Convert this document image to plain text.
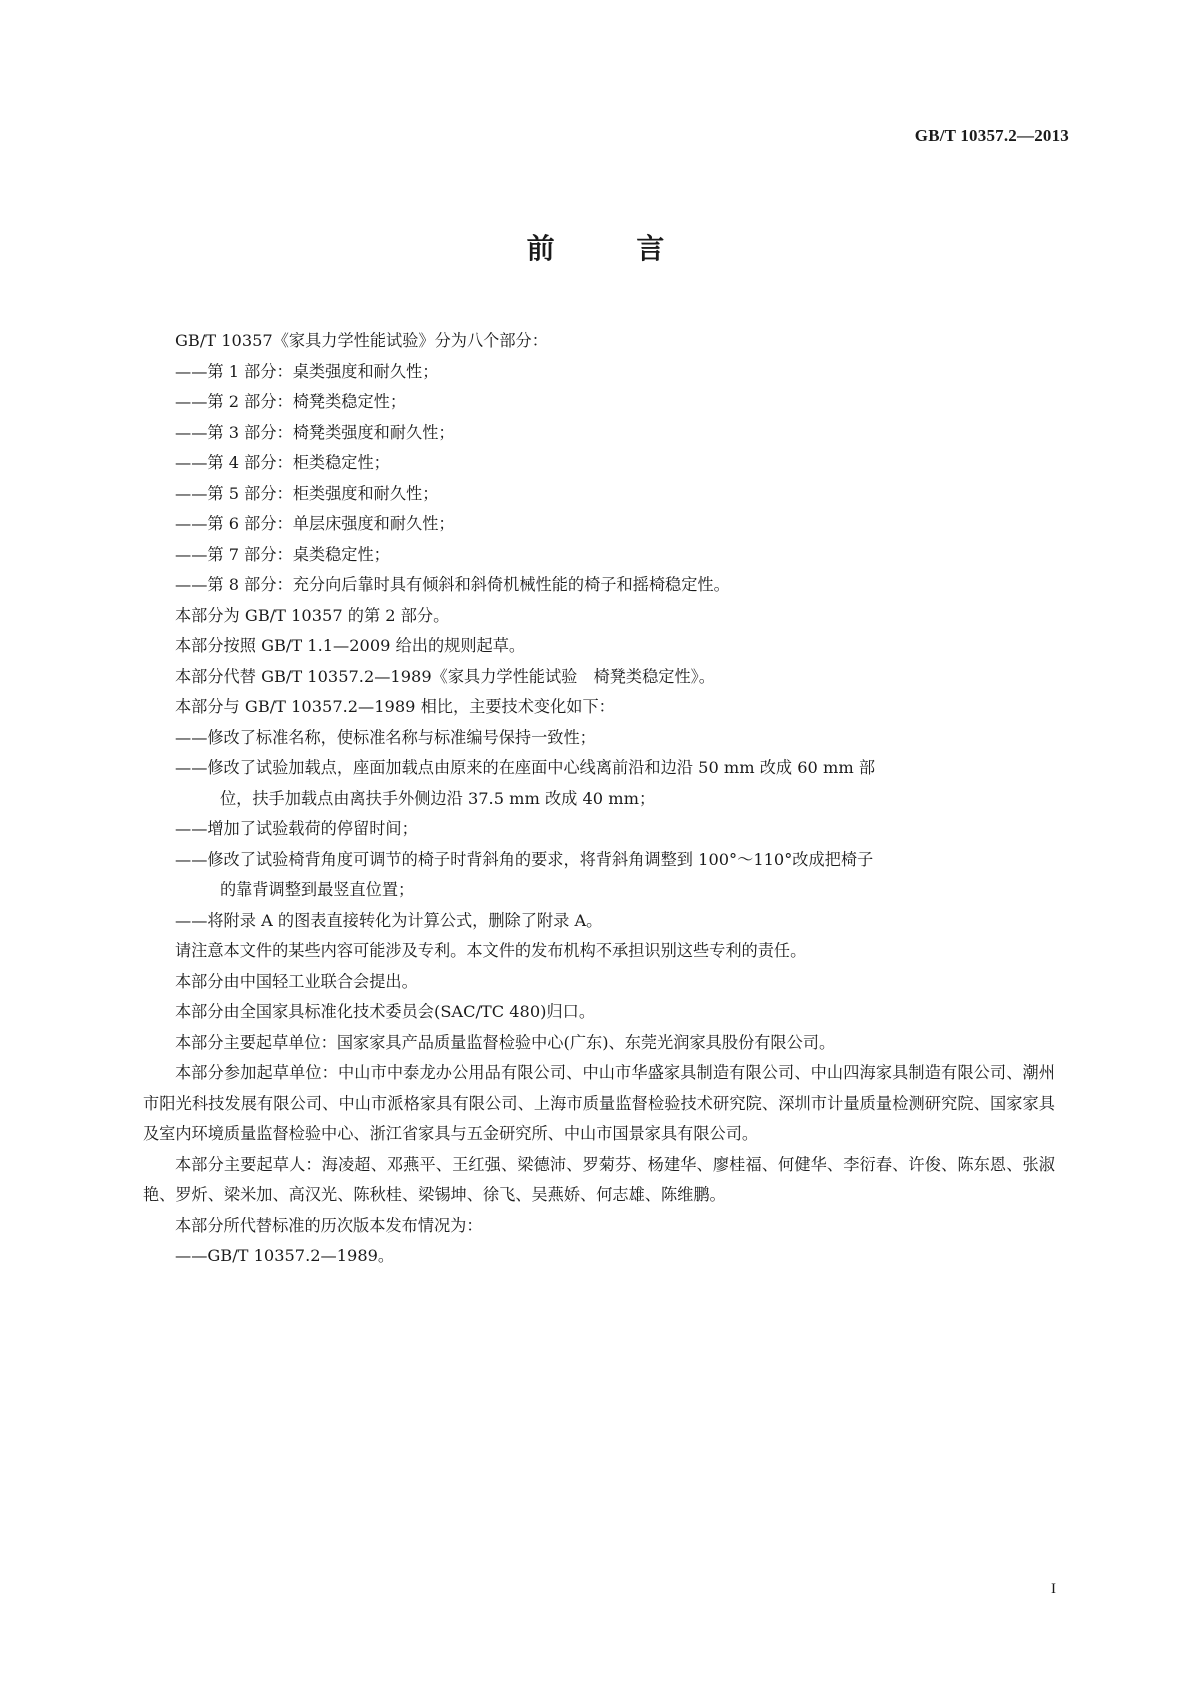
GB/T 10357.2—2013
前 言
GB/T 10357《家具力学性能试验》分为八个部分：
——第 1 部分：桌类强度和耐久性；
——第 2 部分：椅凳类稳定性；
——第 3 部分：椅凳类强度和耐久性；
——第 4 部分：柜类稳定性；
——第 5 部分：柜类强度和耐久性；
——第 6 部分：单层床强度和耐久性；
——第 7 部分：桌类稳定性；
——第 8 部分：充分向后靠时具有倾斜和斜倚机械性能的椅子和摇椅稳定性。
本部分为 GB/T 10357 的第 2 部分。
本部分按照 GB/T 1.1—2009 给出的规则起草。
本部分代替 GB/T 10357.2—1989《家具力学性能试验　椅凳类稳定性》。
本部分与 GB/T 10357.2—1989 相比，主要技术变化如下：
——修改了标准名称，使标准名称与标准编号保持一致性；
——修改了试验加载点，座面加载点由原来的在座面中心线离前沿和边沿 50 mm 改成 60 mm 部
位，扶手加载点由离扶手外侧边沿 37.5 mm 改成 40 mm；
——增加了试验载荷的停留时间；
——修改了试验椅背角度可调节的椅子时背斜角的要求，将背斜角调整到 100°～110°改成把椅子
的靠背调整到最竖直位置；
——将附录 A 的图表直接转化为计算公式，删除了附录 A。
请注意本文件的某些内容可能涉及专利。本文件的发布机构不承担识别这些专利的责任。
本部分由中国轻工业联合会提出。
本部分由全国家具标准化技术委员会(SAC/TC 480)归口。
本部分主要起草单位：国家家具产品质量监督检验中心(广东)、东莞光润家具股份有限公司。
本部分参加起草单位：中山市中泰龙办公用品有限公司、中山市华盛家具制造有限公司、中山四海家具制造有限公司、潮州市阳光科技发展有限公司、中山市派格家具有限公司、上海市质量监督检验技术研究院、深圳市计量质量检测研究院、国家家具及室内环境质量监督检验中心、浙江省家具与五金研究所、中山市国景家具有限公司。
本部分主要起草人：海凌超、邓燕平、王红强、梁德沛、罗菊芬、杨建华、廖桂福、何健华、李衍春、许俊、陈东恩、张淑艳、罗炘、梁米加、高汉光、陈秋桂、梁锡坤、徐飞、吴燕娇、何志雄、陈维鹏。
本部分所代替标准的历次版本发布情况为：
——GB/T 10357.2—1989。
I
